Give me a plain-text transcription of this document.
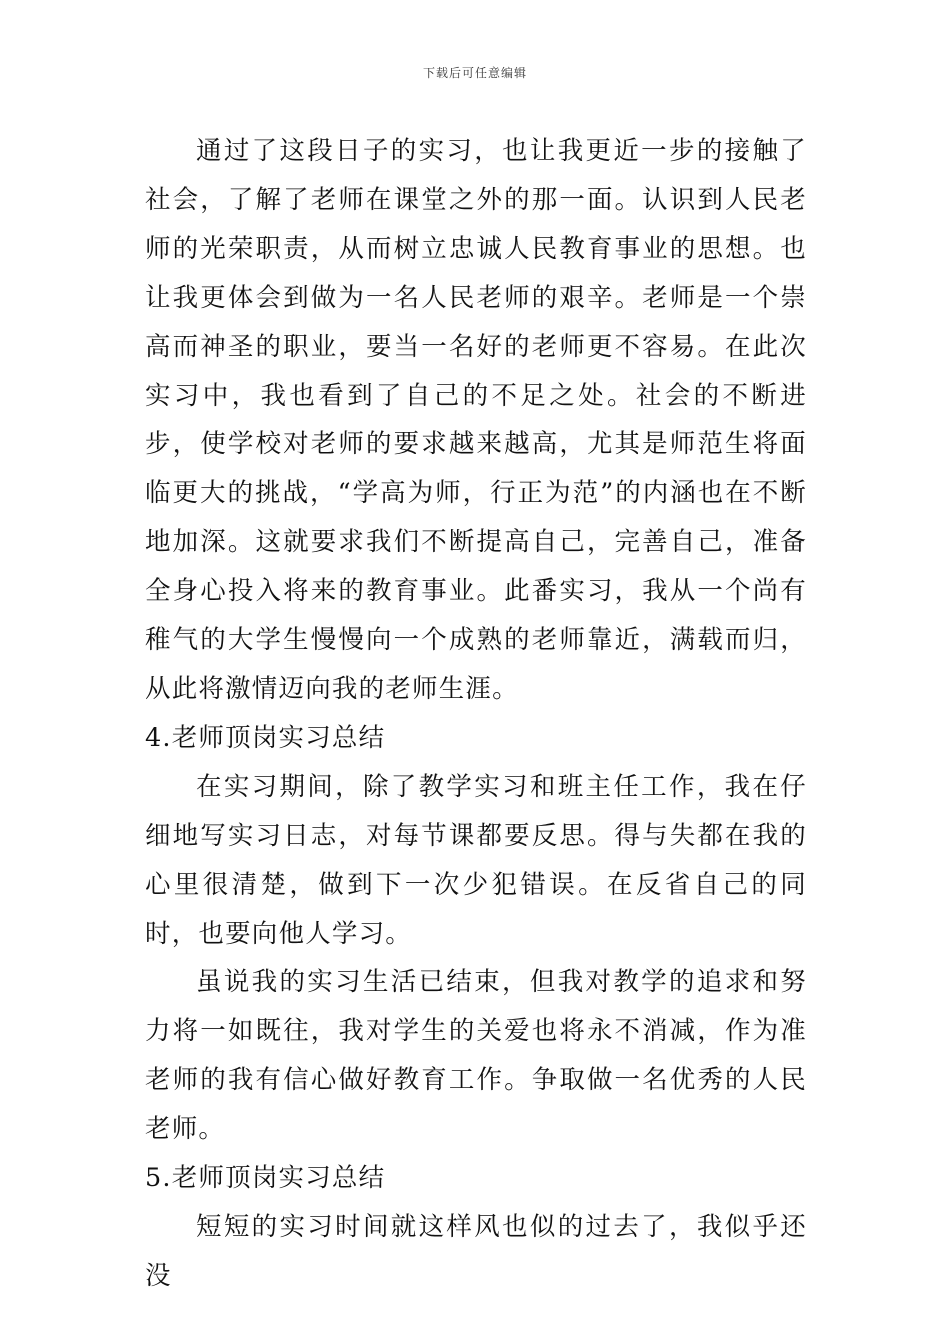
下载后可任意编辑

通过了这段日子的实习，也让我更近一步的接触了社会，了解了老师在课堂之外的那一面。认识到人民老师的光荣职责，从而树立忠诚人民教育事业的思想。也让我更体会到做为一名人民老师的艰辛。老师是一个崇高而神圣的职业，要当一名好的老师更不容易。在此次实习中，我也看到了自己的不足之处。社会的不断进步，使学校对老师的要求越来越高，尤其是师范生将面临更大的挑战，“学高为师，行正为范”的内涵也在不断地加深。这就要求我们不断提高自己，完善自己，准备全身心投入将来的教育事业。此番实习，我从一个尚有稚气的大学生慢慢向一个成熟的老师靠近，满载而归，从此将激情迈向我的老师生涯。

4.老师顶岗实习总结

在实习期间，除了教学实习和班主任工作，我在仔细地写实习日志，对每节课都要反思。得与失都在我的心里很清楚，做到下一次少犯错误。在反省自己的同时，也要向他人学习。

虽说我的实习生活已结束，但我对教学的追求和努力将一如既往，我对学生的关爱也将永不消减，作为准老师的我有信心做好教育工作。争取做一名优秀的人民老师。

5.老师顶岗实习总结

短短的实习时间就这样风也似的过去了，我似乎还没
